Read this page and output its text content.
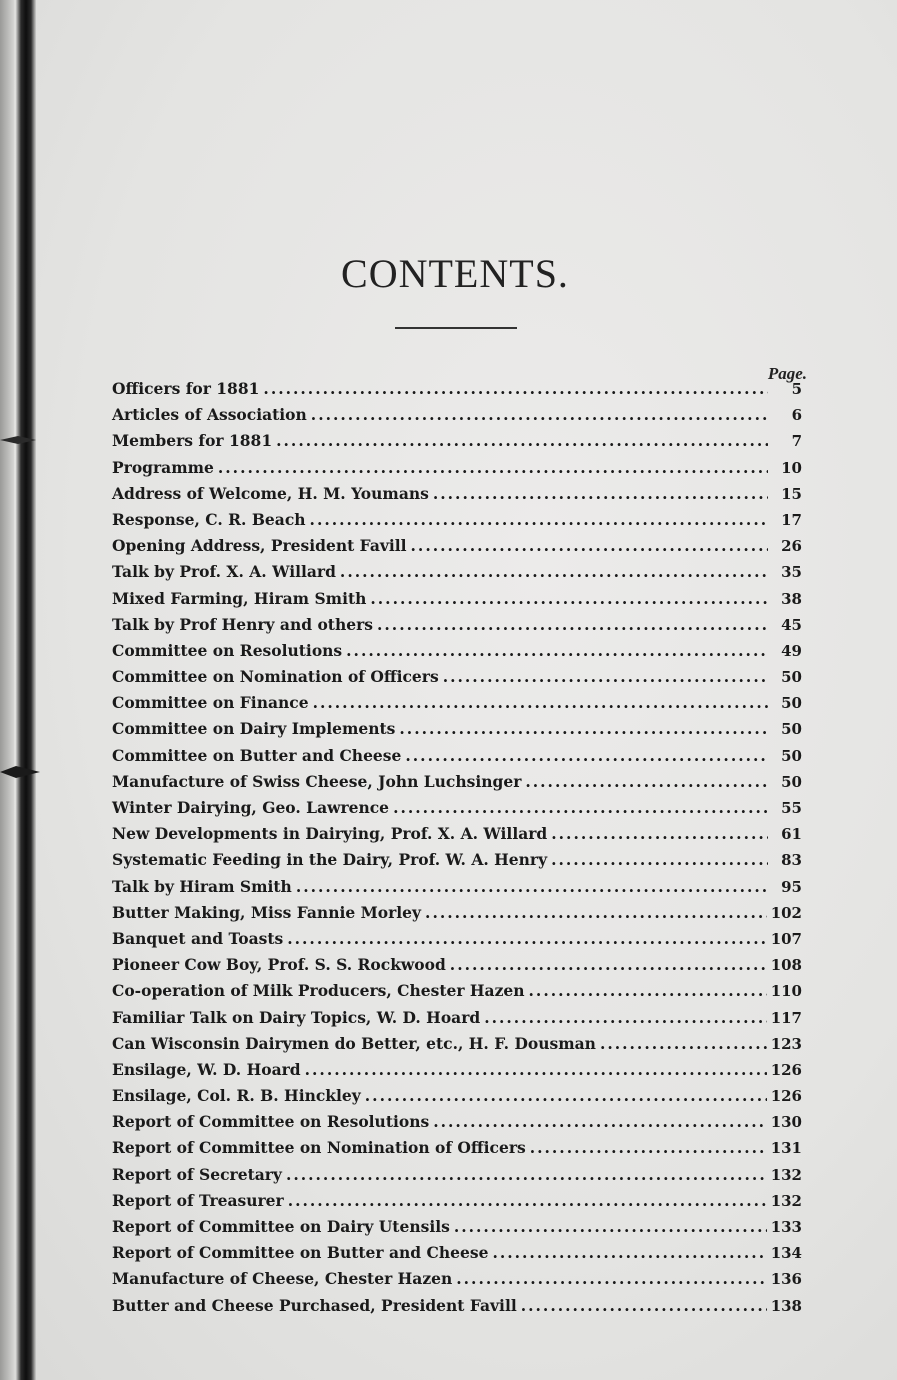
CONTENTS.
Page.
Officers for 1881 .....	5
Articles of Association .....	6
Members for 1881 .....	7
Programme .....	10
Address of Welcome, H. M. Youmans .....	15
Response, C. R. Beach .....	17
Opening Address, President Favill .....	26
Talk by Prof. X. A. Willard .....	35
Mixed Farming, Hiram Smith .....	38
Talk by Prof Henry and others .....	45
Committee on Resolutions .....	49
Committee on Nomination of Officers .....	50
Committee on Finance .....	50
Committee on Dairy Implements .....	50
Committee on Butter and Cheese .....	50
Manufacture of Swiss Cheese, John Luchsinger .....	50
Winter Dairying, Geo. Lawrence .....	55
New Developments in Dairying, Prof. X. A. Willard .....	61
Systematic Feeding in the Dairy, Prof. W. A. Henry .....	83
Talk by Hiram Smith .....	95
Butter Making, Miss Fannie Morley .....	102
Banquet and Toasts .....	107
Pioneer Cow Boy, Prof. S. S. Rockwood .....	108
Co-operation of Milk Producers, Chester Hazen .....	110
Familiar Talk on Dairy Topics, W. D. Hoard .....	117
Can Wisconsin Dairymen do Better, etc., H. F. Dousman .....	123
Ensilage, W. D. Hoard .....	126
Ensilage, Col. R. B. Hinckley .....	126
Report of Committee on Resolutions .....	130
Report of Committee on Nomination of Officers .....	131
Report of Secretary .....	132
Report of Treasurer .....	132
Report of Committee on Dairy Utensils .....	133
Report of Committee on Butter and Cheese .....	134
Manufacture of Cheese, Chester Hazen .....	136
Butter and Cheese Purchased, President Favill .....	138
